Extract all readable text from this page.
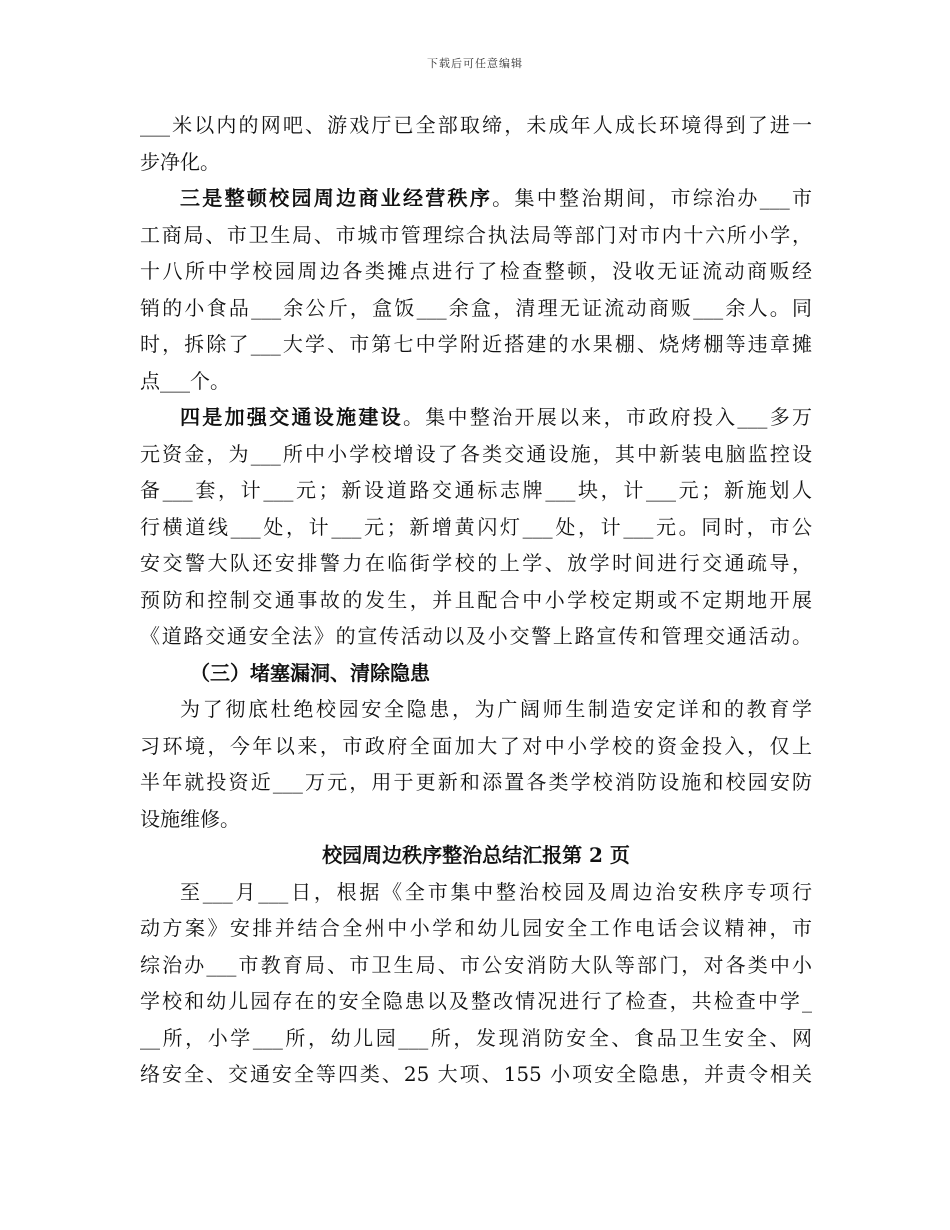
下载后可任意编辑
___米以内的网吧、游戏厅已全部取缔，未成年人成长环境得到了进一
步净化。
三是整顿校园周边商业经营秩序。集中整治期间，市综治办___市
工商局、市卫生局、市城市管理综合执法局等部门对市内十六所小学，
十八所中学校园周边各类摊点进行了检查整顿，没收无证流动商贩经
销的小食品___余公斤，盒饭___余盒，清理无证流动商贩___余人。同
时，拆除了___大学、市第七中学附近搭建的水果棚、烧烤棚等违章摊
点___个。
四是加强交通设施建设。集中整治开展以来，市政府投入___多万
元资金，为___所中小学校增设了各类交通设施，其中新装电脑监控设
备___套，计___元；新设道路交通标志牌___块，计___元；新施划人
行横道线___处，计___元；新增黄闪灯___处，计___元。同时，市公
安交警大队还安排警力在临街学校的上学、放学时间进行交通疏导，
预防和控制交通事故的发生，并且配合中小学校定期或不定期地开展
《道路交通安全法》的宣传活动以及小交警上路宣传和管理交通活动。
（三）堵塞漏洞、清除隐患
为了彻底杜绝校园安全隐患，为广阔师生制造安定详和的教育学
习环境，今年以来，市政府全面加大了对中小学校的资金投入，仅上
半年就投资近___万元，用于更新和添置各类学校消防设施和校园安防
设施维修。
校园周边秩序整治总结汇报第 2 页
至___月___日，根据《全市集中整治校园及周边治安秩序专项行
动方案》安排并结合全州中小学和幼儿园安全工作电话会议精神，市
综治办___市教育局、市卫生局、市公安消防大队等部门，对各类中小
学校和幼儿园存在的安全隐患以及整改情况进行了检查，共检查中学_
__所，小学___所，幼儿园___所，发现消防安全、食品卫生安全、网
络安全、交通安全等四类、25 大项、155 小项安全隐患，并责令相关
